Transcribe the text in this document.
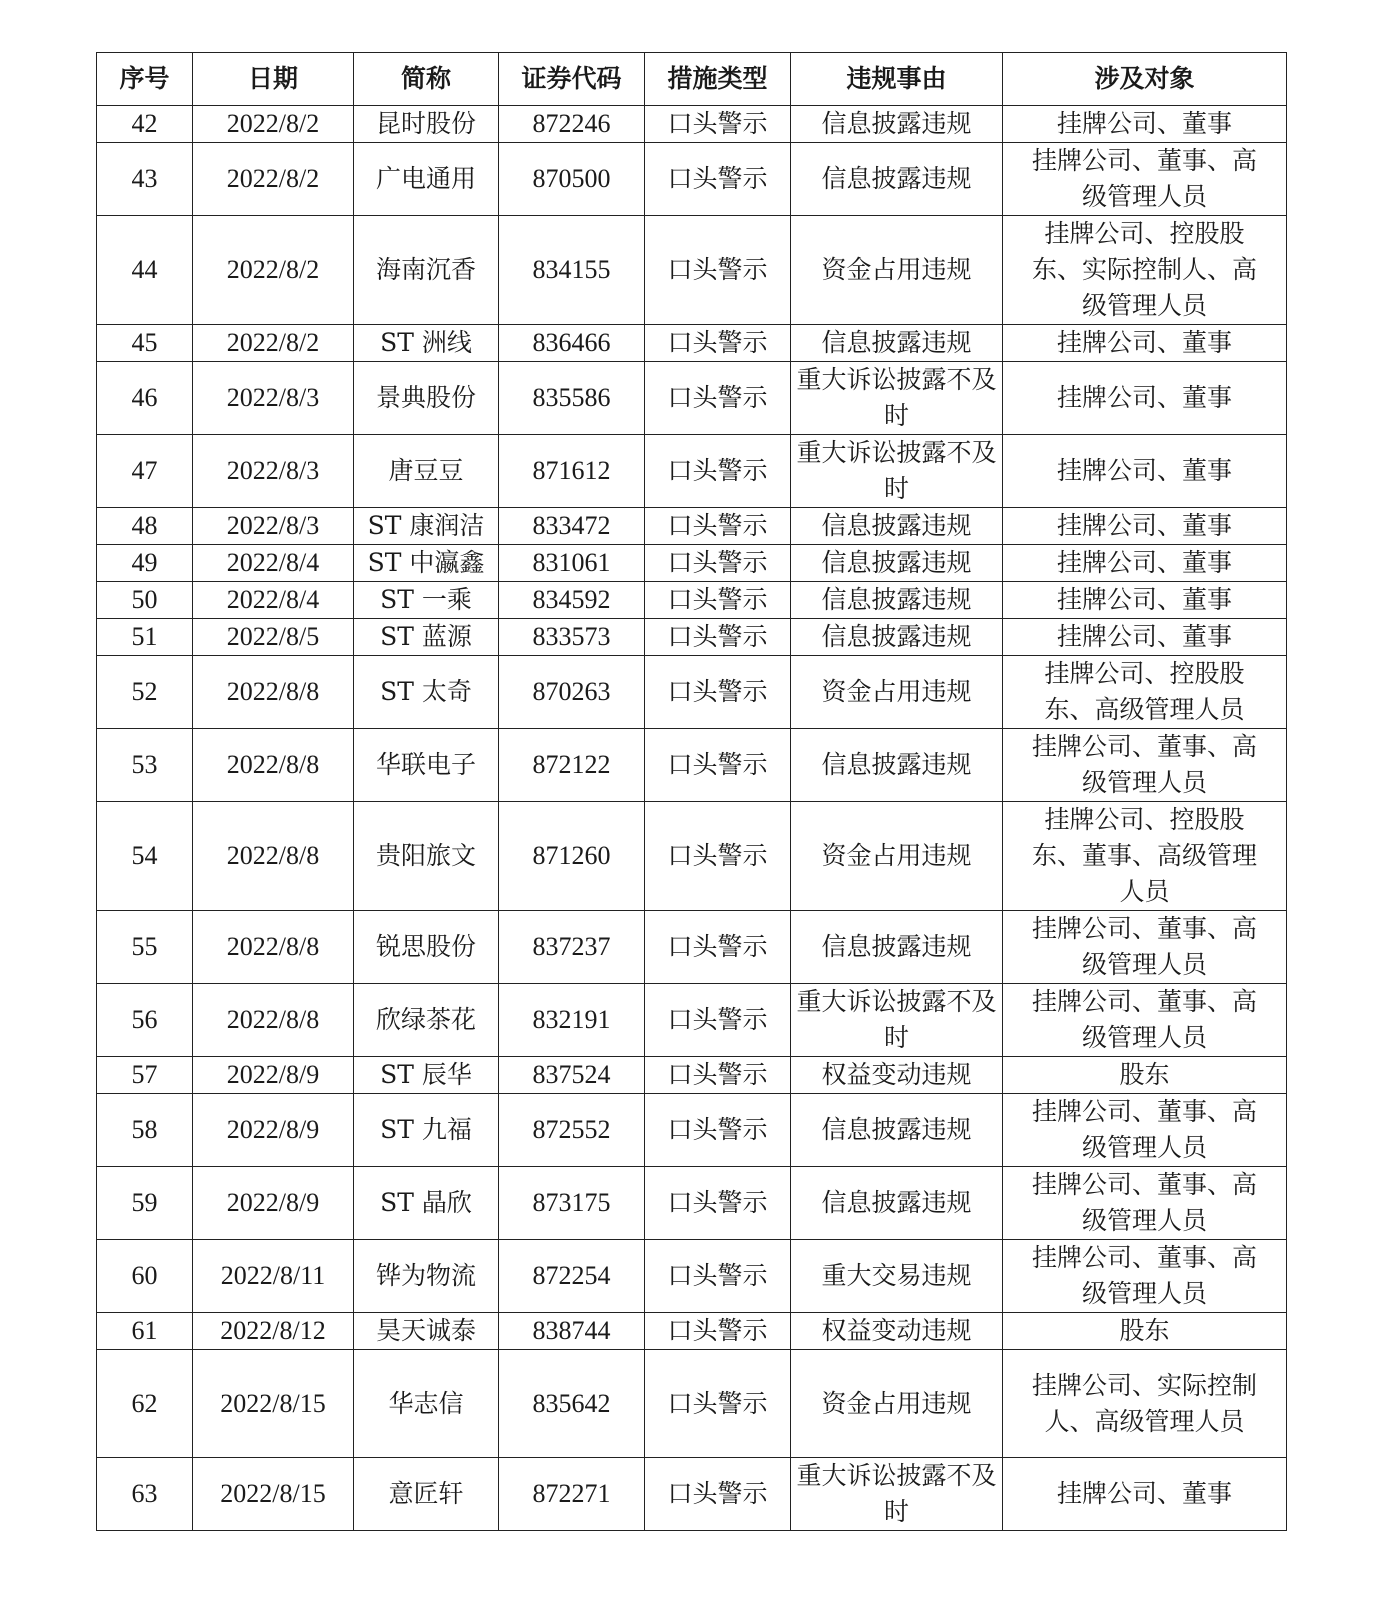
序号	日期	简称	证券代码	措施类型	违规事由	涉及对象
42	2022/8/2	昆时股份	872246	口头警示	信息披露违规	挂牌公司、董事
43	2022/8/2	广电通用	870500	口头警示	信息披露违规	挂牌公司、董事、高级管理人员
44	2022/8/2	海南沉香	834155	口头警示	资金占用违规	挂牌公司、控股股东、实际控制人、高级管理人员
45	2022/8/2	ST 洲线	836466	口头警示	信息披露违规	挂牌公司、董事
46	2022/8/3	景典股份	835586	口头警示	重大诉讼披露不及时	挂牌公司、董事
47	2022/8/3	唐豆豆	871612	口头警示	重大诉讼披露不及时	挂牌公司、董事
48	2022/8/3	ST 康润洁	833472	口头警示	信息披露违规	挂牌公司、董事
49	2022/8/4	ST 中瀛鑫	831061	口头警示	信息披露违规	挂牌公司、董事
50	2022/8/4	ST 一乘	834592	口头警示	信息披露违规	挂牌公司、董事
51	2022/8/5	ST 蓝源	833573	口头警示	信息披露违规	挂牌公司、董事
52	2022/8/8	ST 太奇	870263	口头警示	资金占用违规	挂牌公司、控股股东、高级管理人员
53	2022/8/8	华联电子	872122	口头警示	信息披露违规	挂牌公司、董事、高级管理人员
54	2022/8/8	贵阳旅文	871260	口头警示	资金占用违规	挂牌公司、控股股东、董事、高级管理人员
55	2022/8/8	锐思股份	837237	口头警示	信息披露违规	挂牌公司、董事、高级管理人员
56	2022/8/8	欣绿茶花	832191	口头警示	重大诉讼披露不及时	挂牌公司、董事、高级管理人员
57	2022/8/9	ST 辰华	837524	口头警示	权益变动违规	股东
58	2022/8/9	ST 九福	872552	口头警示	信息披露违规	挂牌公司、董事、高级管理人员
59	2022/8/9	ST 晶欣	873175	口头警示	信息披露违规	挂牌公司、董事、高级管理人员
60	2022/8/11	铧为物流	872254	口头警示	重大交易违规	挂牌公司、董事、高级管理人员
61	2022/8/12	昊天诚泰	838744	口头警示	权益变动违规	股东
62	2022/8/15	华志信	835642	口头警示	资金占用违规	挂牌公司、实际控制人、高级管理人员
63	2022/8/15	意匠轩	872271	口头警示	重大诉讼披露不及时	挂牌公司、董事
